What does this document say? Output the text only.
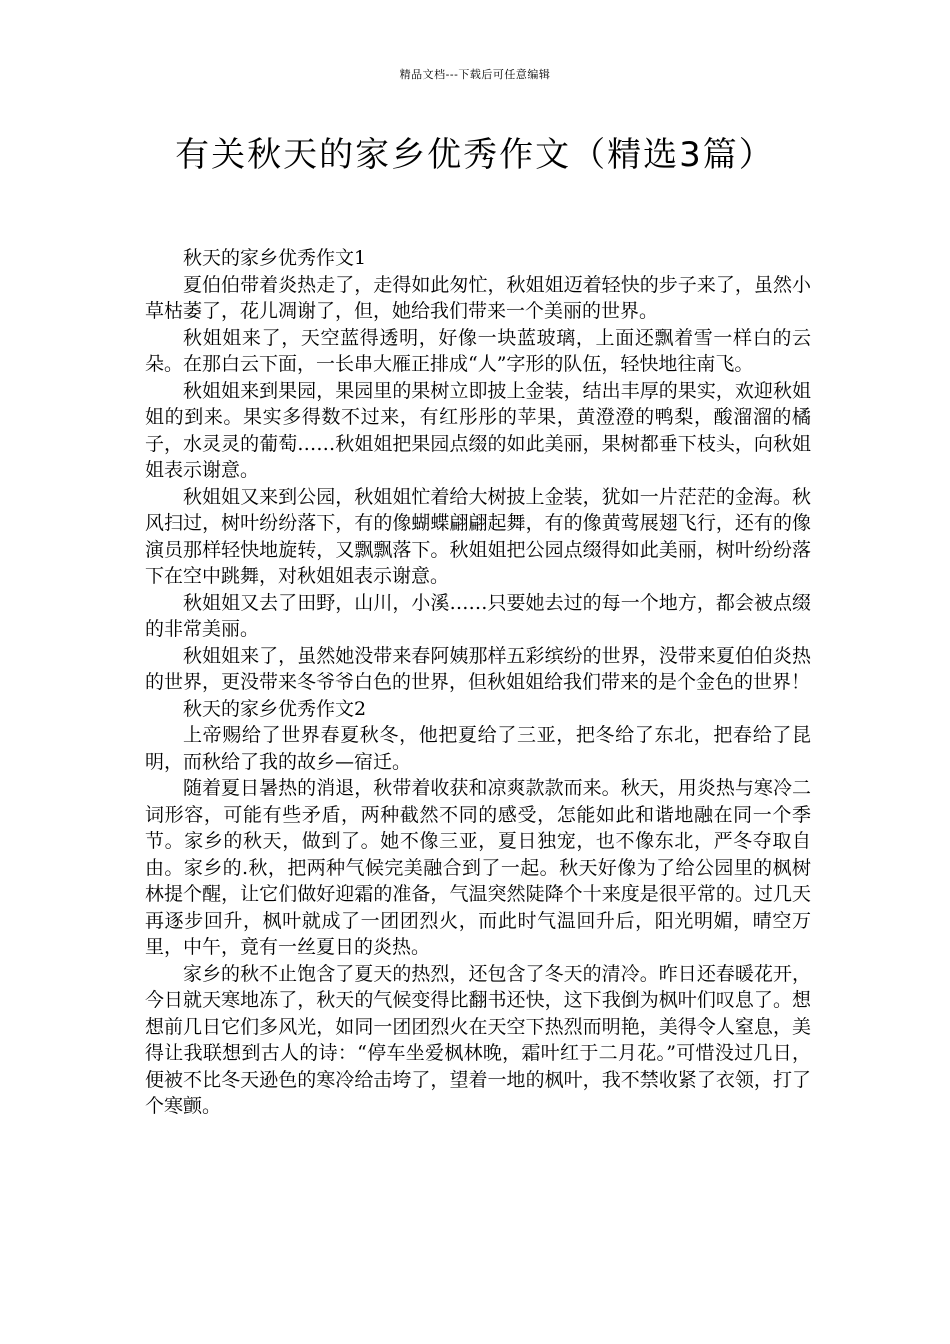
精品文档---下载后可任意编辑
有关秋天的家乡优秀作文（精选3篇）

秋天的家乡优秀作文1

夏伯伯带着炎热走了，走得如此匆忙，秋姐姐迈着轻快的步子来了，虽然小草枯萎了，花儿凋谢了，但，她给我们带来一个美丽的世界。

秋姐姐来了，天空蓝得透明，好像一块蓝玻璃，上面还飘着雪一样白的云朵。在那白云下面，一长串大雁正排成“人”字形的队伍，轻快地往南飞。

秋姐姐来到果园，果园里的果树立即披上金装，结出丰厚的果实，欢迎秋姐姐的到来。果实多得数不过来，有红彤彤的苹果，黄澄澄的鸭梨，酸溜溜的橘子，水灵灵的葡萄……秋姐姐把果园点缀的如此美丽，果树都垂下枝头，向秋姐姐表示谢意。

秋姐姐又来到公园，秋姐姐忙着给大树披上金装，犹如一片茫茫的金海。秋风扫过，树叶纷纷落下，有的像蝴蝶翩翩起舞，有的像黄莺展翅飞行，还有的像演员那样轻快地旋转，又飘飘落下。秋姐姐把公园点缀得如此美丽，树叶纷纷落下在空中跳舞，对秋姐姐表示谢意。

秋姐姐又去了田野，山川，小溪……只要她去过的每一个地方，都会被点缀的非常美丽。

秋姐姐来了，虽然她没带来春阿姨那样五彩缤纷的世界，没带来夏伯伯炎热的世界，更没带来冬爷爷白色的世界，但秋姐姐给我们带来的是个金色的世界！

秋天的家乡优秀作文2

上帝赐给了世界春夏秋冬，他把夏给了三亚，把冬给了东北，把春给了昆明，而秋给了我的故乡—宿迁。

随着夏日暑热的消退，秋带着收获和凉爽款款而来。秋天，用炎热与寒冷二词形容，可能有些矛盾，两种截然不同的感受，怎能如此和谐地融在同一个季节。家乡的秋天，做到了。她不像三亚，夏日独宠，也不像东北，严冬夺取自由。家乡的.秋，把两种气候完美融合到了一起。秋天好像为了给公园里的枫树林提个醒，让它们做好迎霜的准备，气温突然陡降个十来度是很平常的。过几天再逐步回升，枫叶就成了一团团烈火，而此时气温回升后，阳光明媚，晴空万里，中午，竟有一丝夏日的炎热。

家乡的秋不止饱含了夏天的热烈，还包含了冬天的清冷。昨日还春暖花开，今日就天寒地冻了，秋天的气候变得比翻书还快，这下我倒为枫叶们叹息了。想想前几日它们多风光，如同一团团烈火在天空下热烈而明艳，美得令人窒息，美得让我联想到古人的诗：“停车坐爱枫林晚，霜叶红于二月花。”可惜没过几日，便被不比冬天逊色的寒冷给击垮了，望着一地的枫叶，我不禁收紧了衣领，打了个寒颤。
